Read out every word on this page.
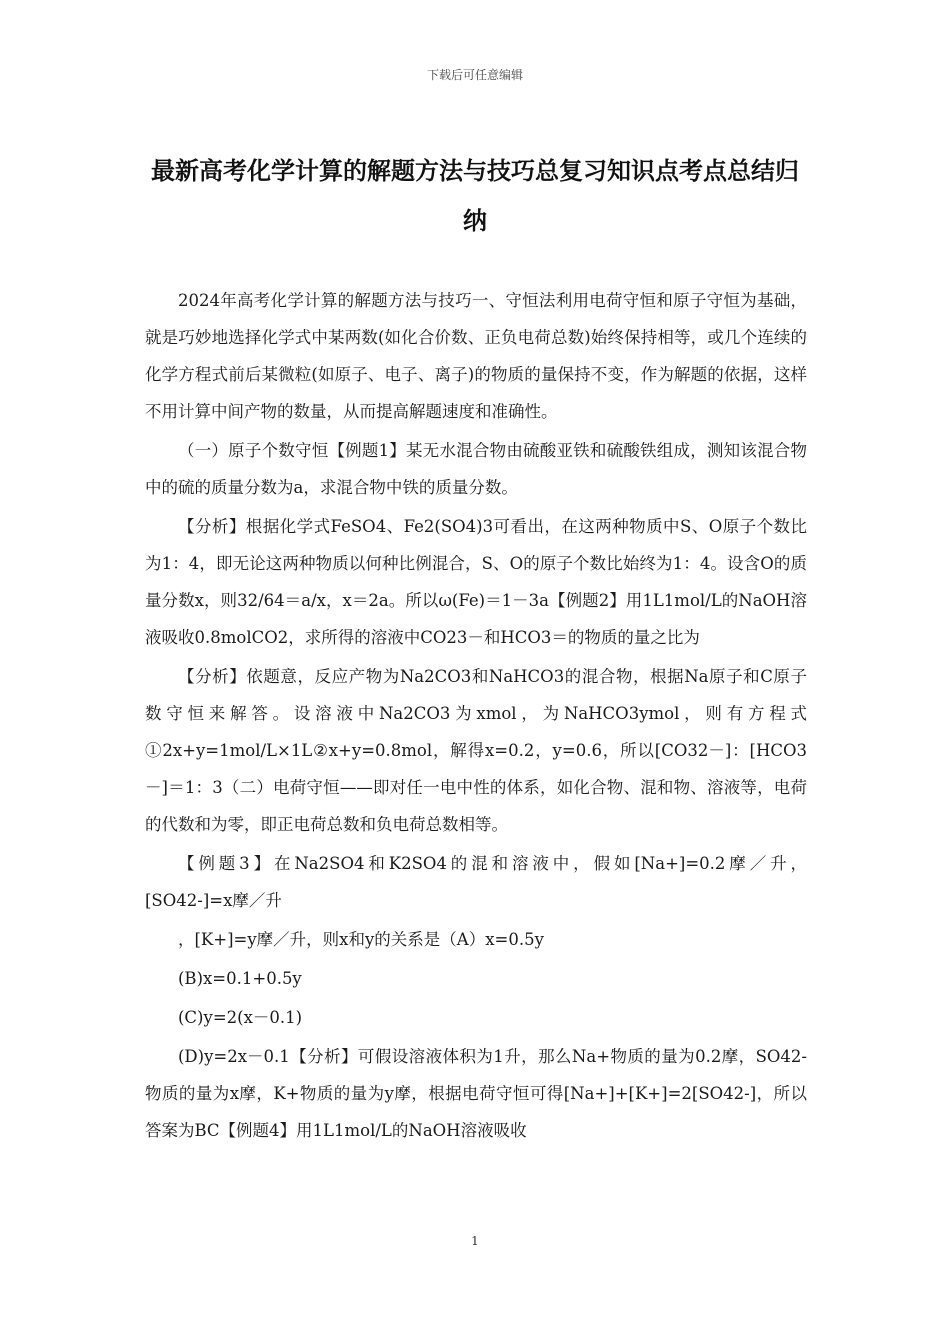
下载后可任意编辑
最新高考化学计算的解题方法与技巧总复习知识点考点总结归纳

2024年高考化学计算的解题方法与技巧一、守恒法利用电荷守恒和原子守恒为基础，就是巧妙地选择化学式中某两数(如化合价数、正负电荷总数)始终保持相等，或几个连续的化学方程式前后某微粒(如原子、电子、离子)的物质的量保持不变，作为解题的依据，这样不用计算中间产物的数量，从而提高解题速度和准确性。

（一）原子个数守恒【例题1】某无水混合物由硫酸亚铁和硫酸铁组成，测知该混合物中的硫的质量分数为a，求混合物中铁的质量分数。

【分析】根据化学式FeSO4、Fe2(SO4)3可看出，在这两种物质中S、O原子个数比为1：4，即无论这两种物质以何种比例混合，S、O的原子个数比始终为1：4。设含O的质量分数x，则32/64＝a/x，x＝2a。所以ω(Fe)＝1－3a【例题2】用1L1mol/L的NaOH溶液吸收0.8molCO2，求所得的溶液中CO23－和HCO3＝的物质的量之比为

【分析】依题意，反应产物为Na2CO3和NaHCO3的混合物，根据Na原子和C原子数守恒来解答。设溶液中Na2CO3为xmol，为NaHCO3ymol，则有方程式①2x+y=1mol/L×1L②x+y=0.8mol，解得x=0.2，y=0.6，所以[CO32－]：[HCO3－]＝1：3（二）电荷守恒——即对任一电中性的体系，如化合物、混和物、溶液等，电荷的代数和为零，即正电荷总数和负电荷总数相等。

【例题3】在Na2SO4和K2SO4的混和溶液中，假如[Na+]=0.2摩／升，[SO42-]=x摩／升

，[K+]=y摩／升，则x和y的关系是（A）x=0.5y

(B)x=0.1+0.5y

(C)y=2(x－0.1)

(D)y=2x－0.1【分析】可假设溶液体积为1升，那么Na+物质的量为0.2摩，SO42-物质的量为x摩，K+物质的量为y摩，根据电荷守恒可得[Na+]+[K+]=2[SO42-]，所以答案为BC【例题4】用1L1mol/L的NaOH溶液吸收

1
